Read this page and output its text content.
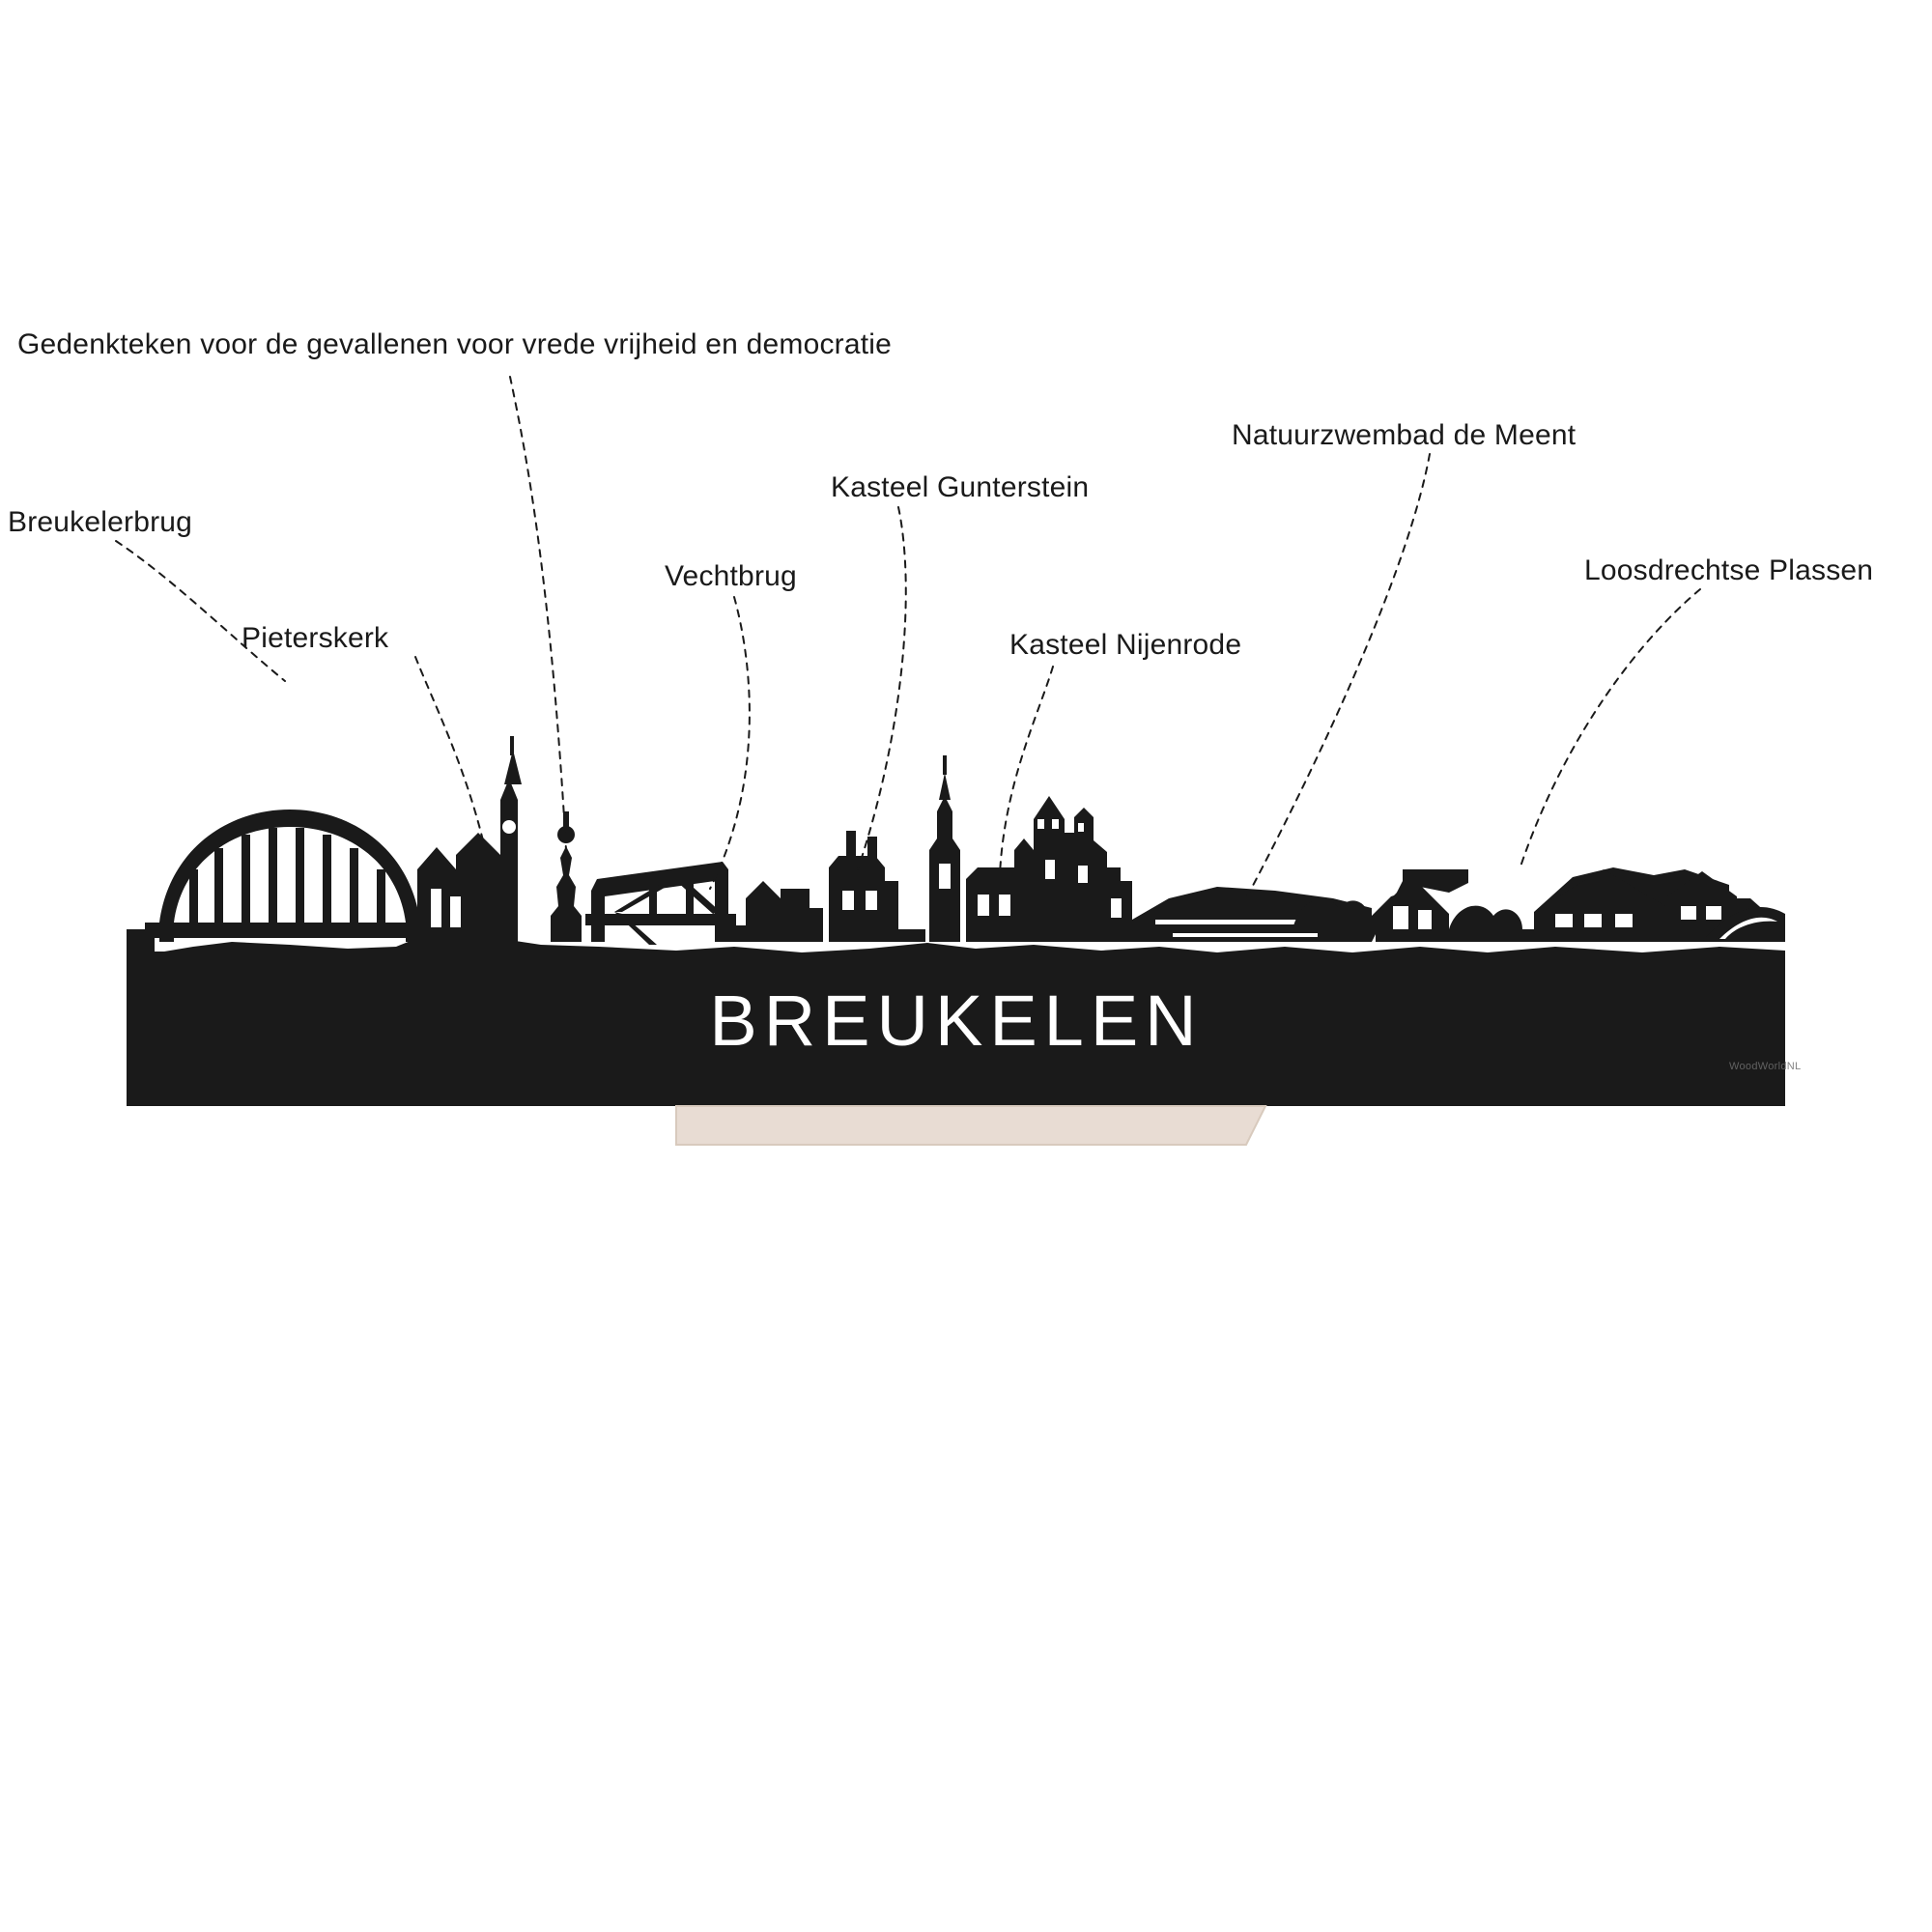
BREUKELEN
Gedenkteken voor de gevallenen voor vrede vrijheid en democratie
Breukelerbrug
Pieterskerk
Vechtbrug
Kasteel Gunterstein
Kasteel Nijenrode
Natuurzwembad de Meent
Loosdrechtse Plassen
WoodWorldNL
